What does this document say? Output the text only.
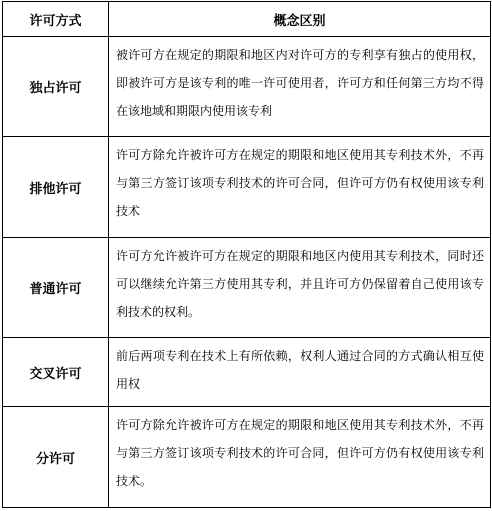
许可方式	概念区别
独占许可	被许可方在规定的期限和地区内对许可方的专利享有独占的使用权，即被许可方是该专利的唯一许可使用者，许可方和任何第三方均不得在该地域和期限内使用该专利
排他许可	许可方除允许被许可方在规定的期限和地区使用其专利技术外，不再与第三方签订该项专利技术的许可合同，但许可方仍有权使用该专利技术
普通许可	许可方允许被许可方在规定的期限和地区内使用其专利技术，同时还可以继续允许第三方使用其专利，并且许可方仍保留着自己使用该专利技术的权利。
交叉许可	前后两项专利在技术上有所依赖，权利人通过合同的方式确认相互使用权
分许可	许可方除允许被许可方在规定的期限和地区使用其专利技术外，不再与第三方签订该项专利技术的许可合同，但许可方仍有权使用该专利技术。
